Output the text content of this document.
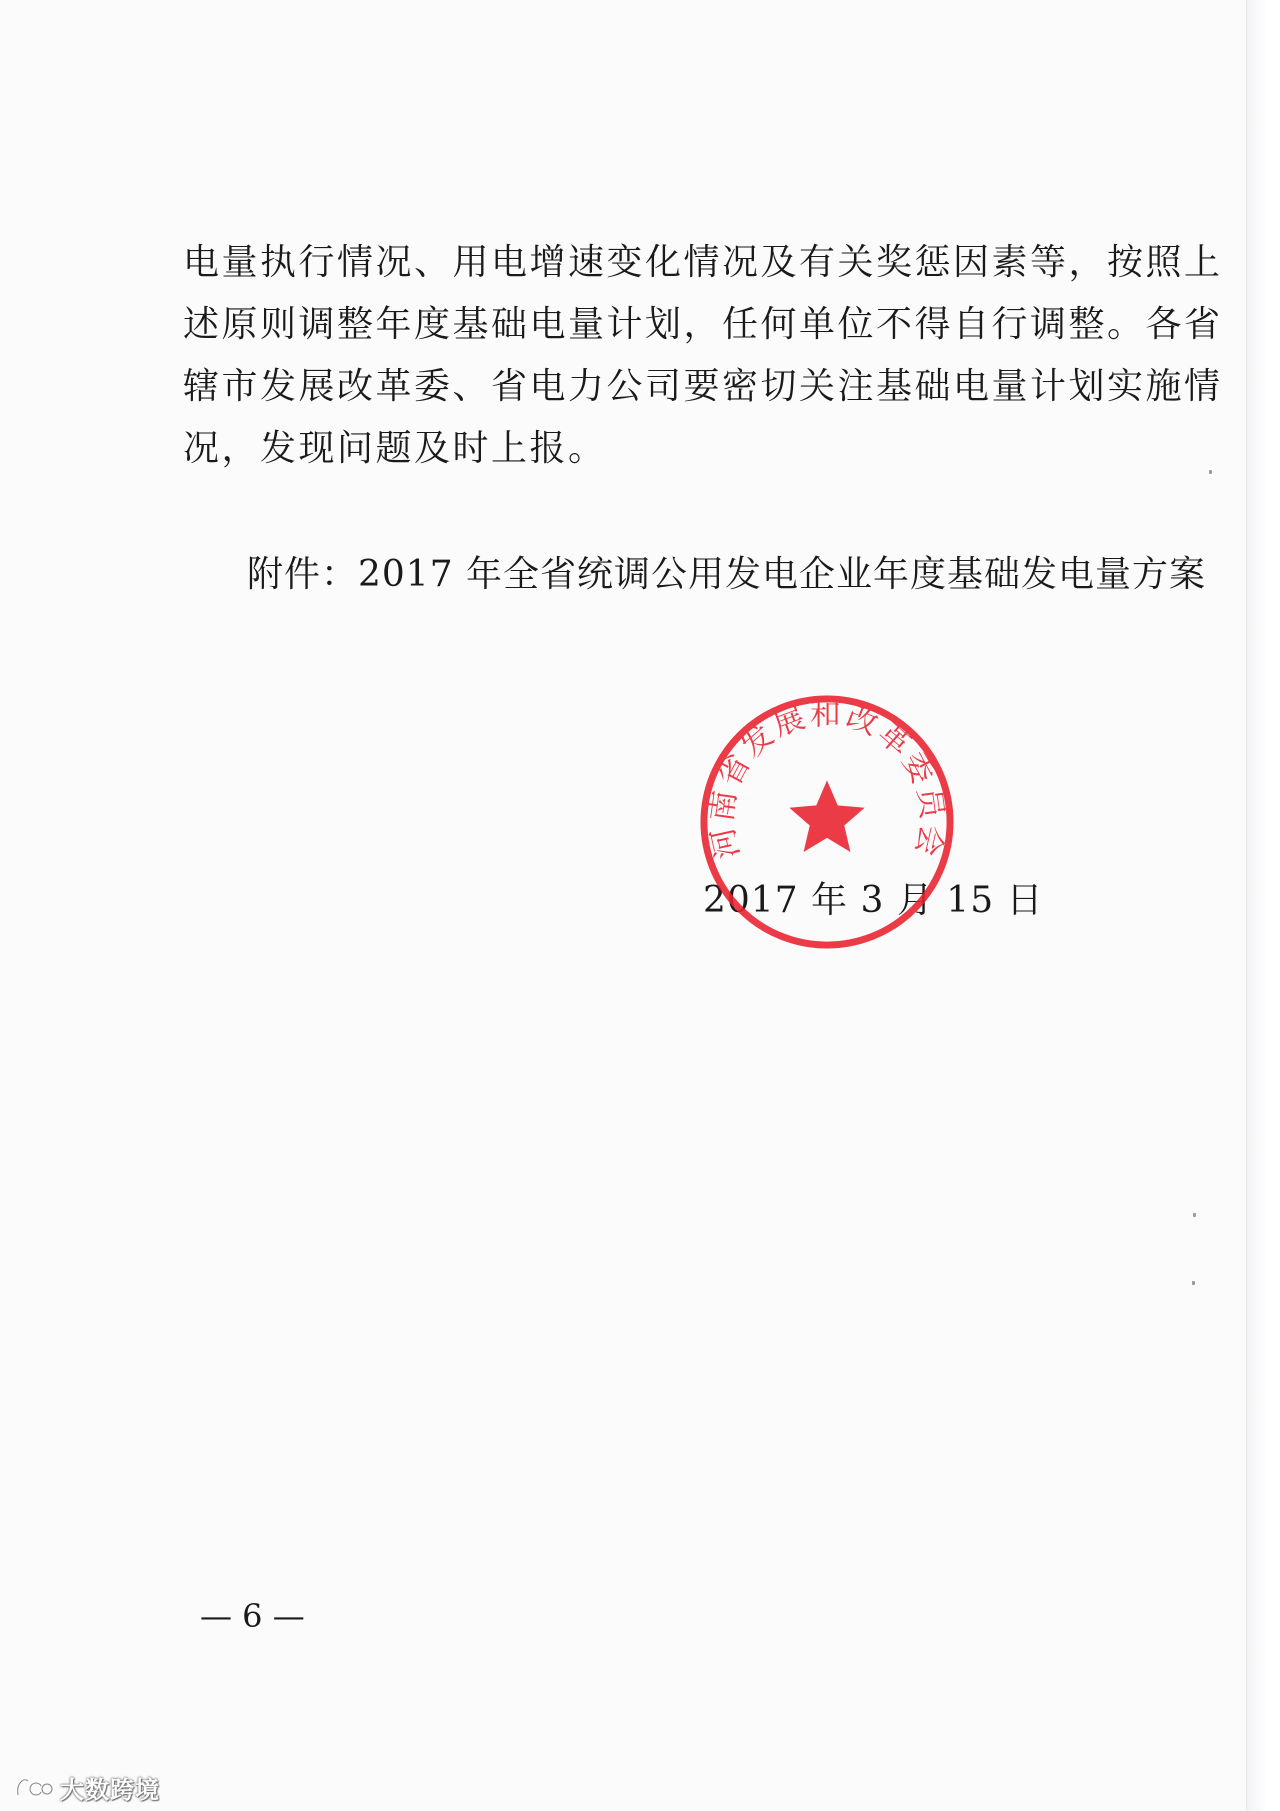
电量执行情况、用电增速变化情况及有关奖惩因素等，按照上
述原则调整年度基础电量计划，任何单位不得自行调整。各省
辖市发展改革委、省电力公司要密切关注基础电量计划实施情
况，发现问题及时上报。

附件：2017 年全省统调公用发电企业年度基础发电量方案

2017 年 3 月 15 日

河南省发展和改革委员会

— 6 —

大数跨境
